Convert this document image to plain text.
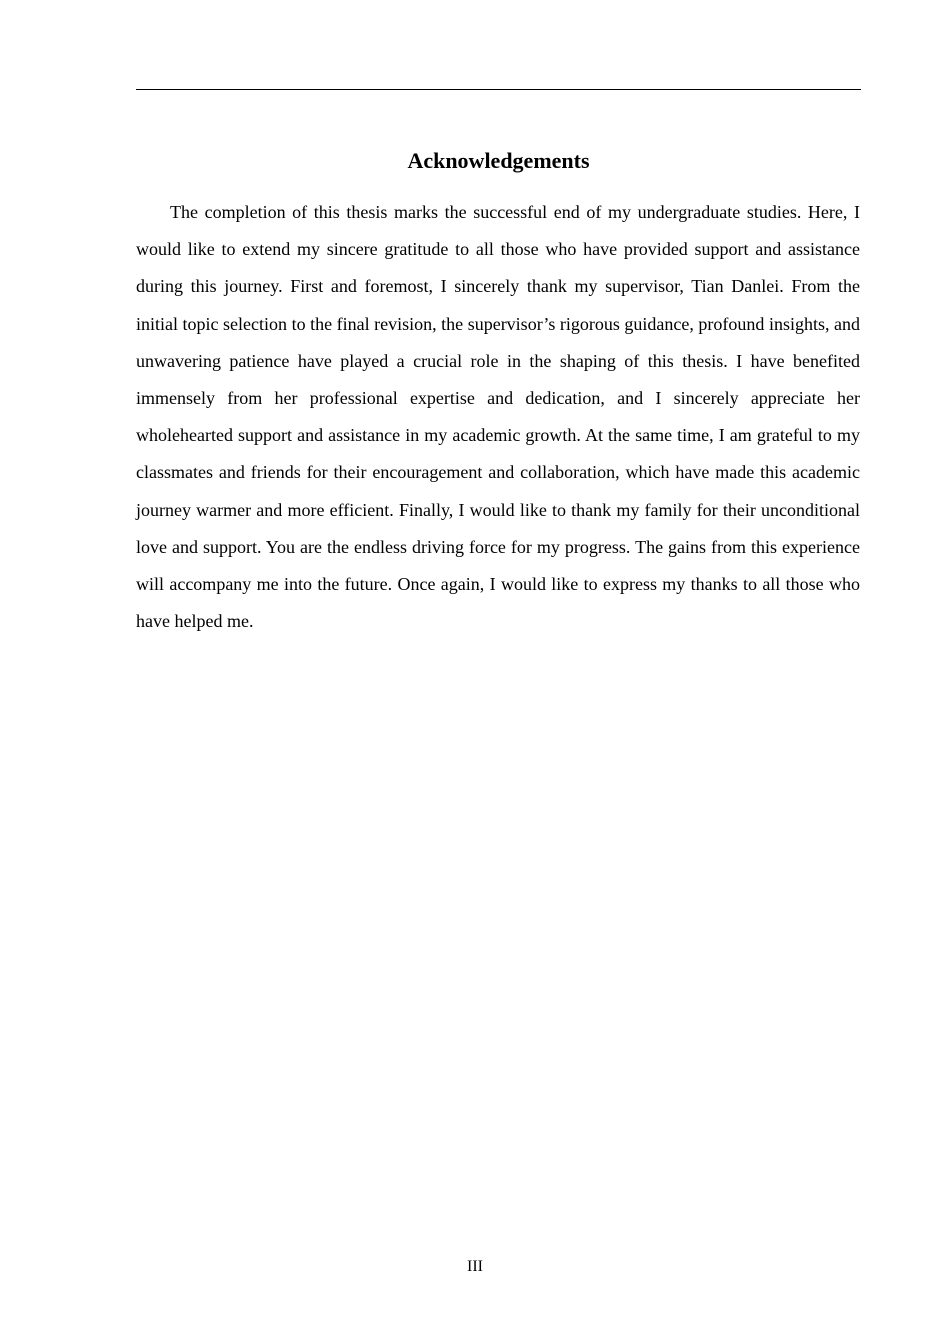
Acknowledgements

The completion of this thesis marks the successful end of my undergraduate studies. Here, I would like to extend my sincere gratitude to all those who have provided support and assistance during this journey. First and foremost, I sincerely thank my supervisor, Tian Danlei. From the initial topic selection to the final revision, the supervisor’s rigorous guidance, profound insights, and unwavering patience have played a crucial role in the shaping of this thesis. I have benefited immensely from her professional expertise and dedication, and I sincerely appreciate her wholehearted support and assistance in my academic growth. At the same time, I am grateful to my classmates and friends for their encouragement and collaboration, which have made this academic journey warmer and more efficient. Finally, I would like to thank my family for their unconditional love and support. You are the endless driving force for my progress. The gains from this experience will accompany me into the future. Once again, I would like to express my thanks to all those who have helped me.

III
